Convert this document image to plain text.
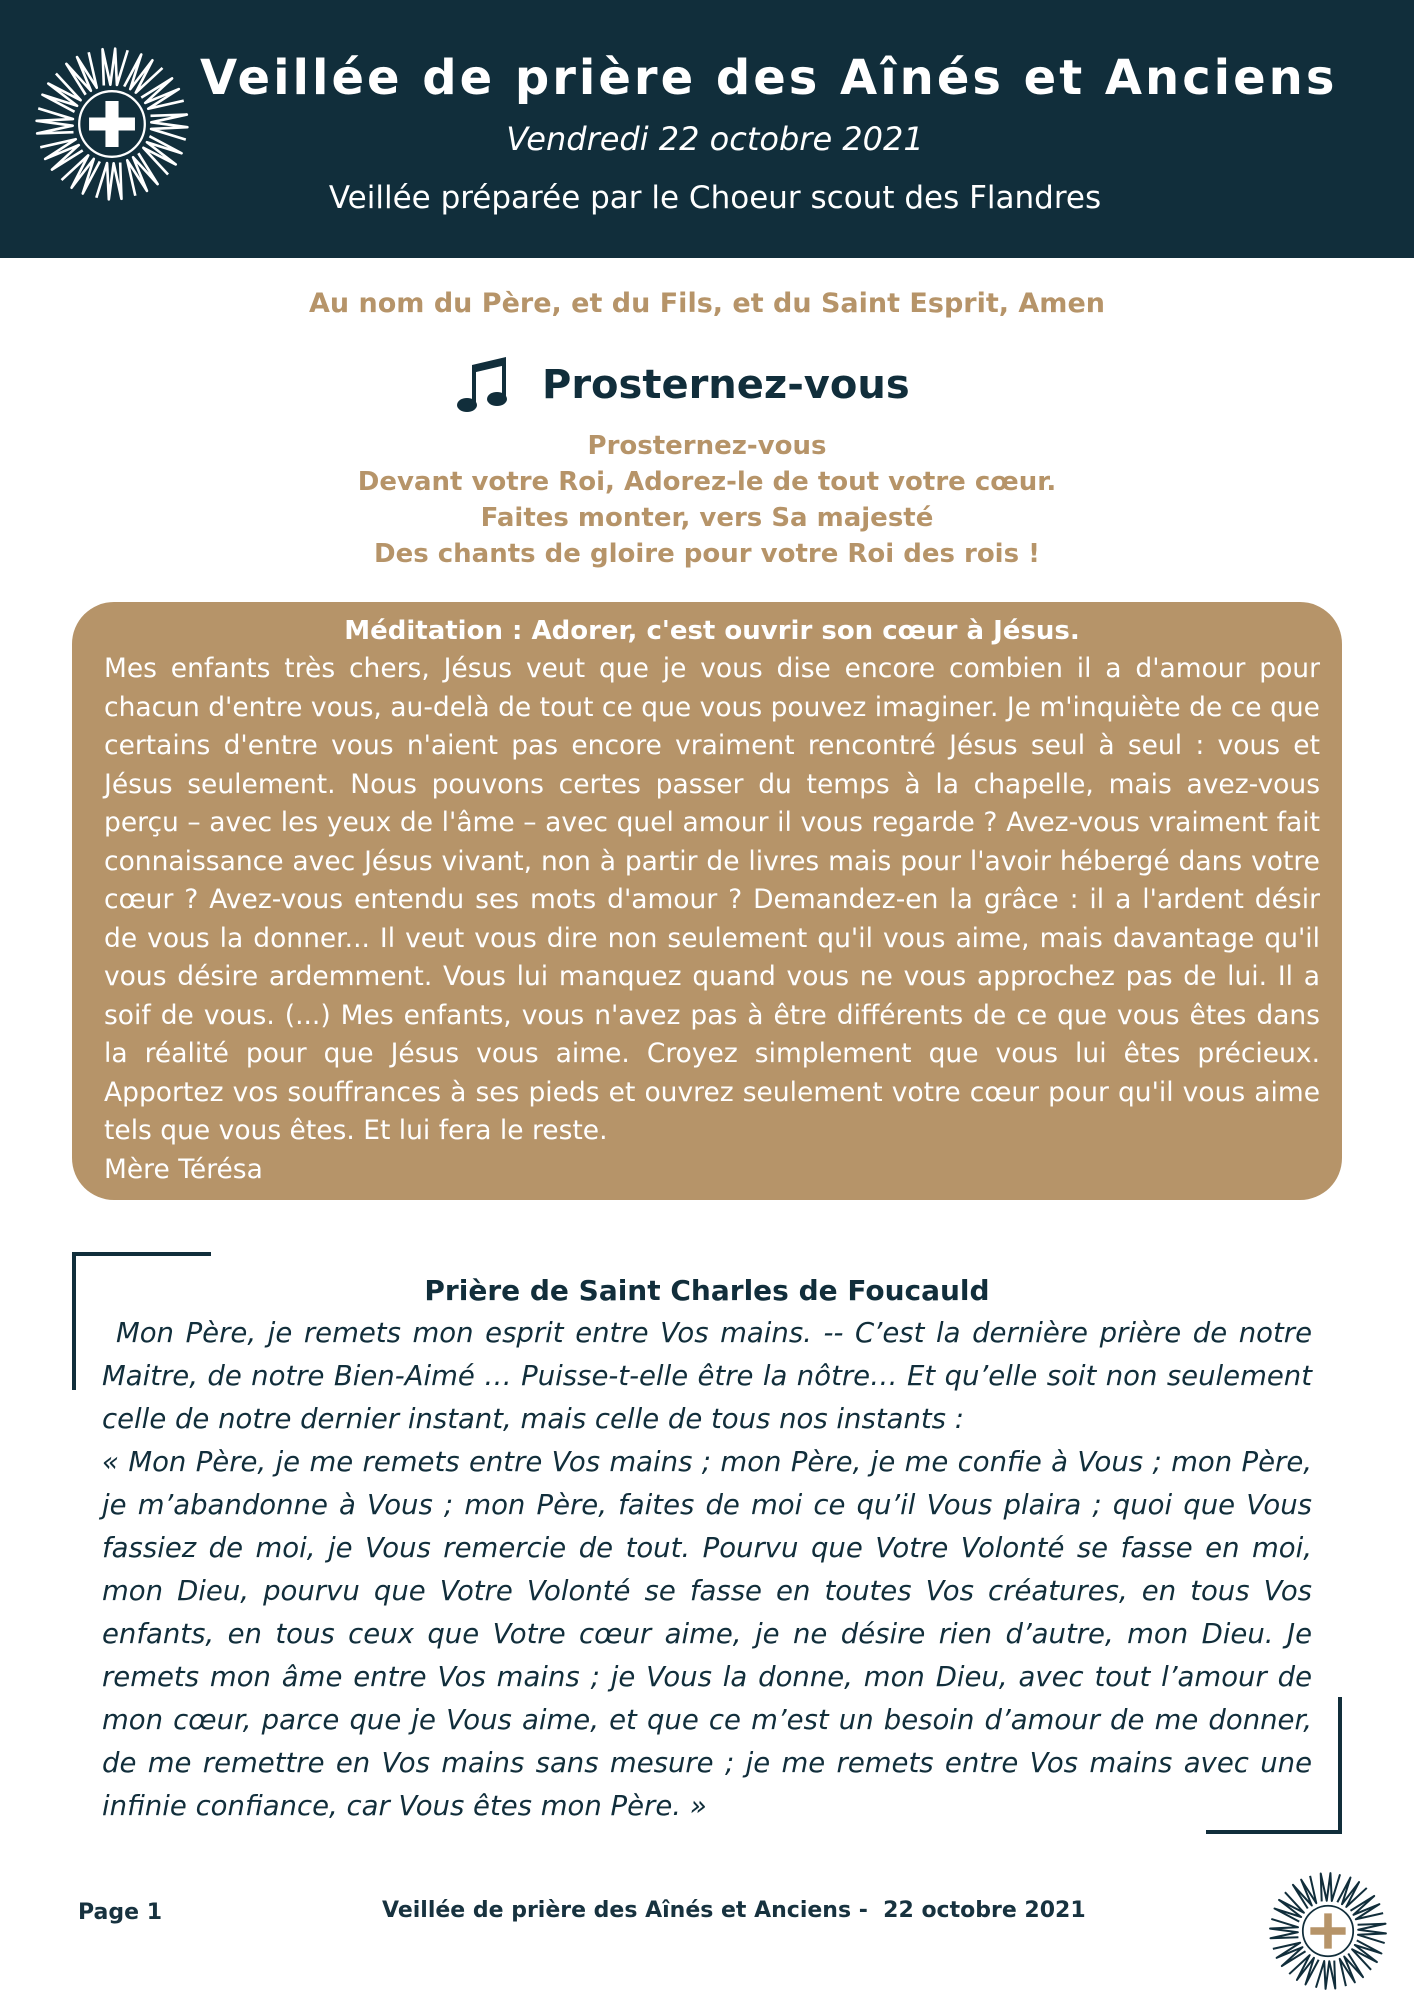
Veillée de prière des Aînés et Anciens
Vendredi 22 octobre 2021
Veillée préparée par le Choeur scout des Flandres
Au nom du Père, et du Fils, et du Saint Esprit, Amen
Prosternez-vous
Prosternez-vous
Devant votre Roi, Adorez-le de tout votre cœur.
Faites monter, vers Sa majesté
Des chants de gloire pour votre Roi des rois !
Méditation : Adorer, c'est ouvrir son cœur à Jésus.
Mes enfants très chers, Jésus veut que je vous dise encore combien il a d'amour pour chacun d'entre vous, au-delà de tout ce que vous pouvez imaginer. Je m'inquiète de ce que certains d'entre vous n'aient pas encore vraiment rencontré Jésus seul à seul : vous et Jésus seulement. Nous pouvons certes passer du temps à la chapelle, mais avez-vous perçu – avec les yeux de l'âme – avec quel amour il vous regarde ? Avez-vous vraiment fait connaissance avec Jésus vivant, non à partir de livres mais pour l'avoir hébergé dans votre cœur ? Avez-vous entendu ses mots d'amour ? Demandez-en la grâce : il a l'ardent désir de vous la donner... Il veut vous dire non seulement qu'il vous aime, mais davantage qu'il vous désire ardemment. Vous lui manquez quand vous ne vous approchez pas de lui. Il a soif de vous. (...) Mes enfants, vous n'avez pas à être différents de ce que vous êtes dans la réalité pour que Jésus vous aime. Croyez simplement que vous lui êtes précieux. Apportez vos souffrances à ses pieds et ouvrez seulement votre cœur pour qu'il vous aime tels que vous êtes. Et lui fera le reste.
Mère Térésa
Prière de Saint Charles de Foucauld

Mon Père, je remets mon esprit entre Vos mains. -- C’est la dernière prière de notre Maitre, de notre Bien-Aimé … Puisse-t-elle être la nôtre… Et qu’elle soit non seulement celle de notre dernier instant, mais celle de tous nos instants :

« Mon Père, je me remets entre Vos mains ; mon Père, je me confie à Vous ; mon Père, je m’abandonne à Vous ; mon Père, faites de moi ce qu’il Vous plaira ; quoi que Vous fassiez de moi, je Vous remercie de tout. Pourvu que Votre Volonté se fasse en moi, mon Dieu, pourvu que Votre Volonté se fasse en toutes Vos créatures, en tous Vos enfants, en tous ceux que Votre cœur aime, je ne désire rien d’autre, mon Dieu. Je remets mon âme entre Vos mains ; je Vous la donne, mon Dieu, avec tout l’amour de mon cœur, parce que je Vous aime, et que ce m’est un besoin d’amour de me donner, de me remettre en Vos mains sans mesure ; je me remets entre Vos mains avec une infinie confiance, car Vous êtes mon Père. »

Page 1	Veillée de prière des Aînés et Anciens -  22 octobre 2021
